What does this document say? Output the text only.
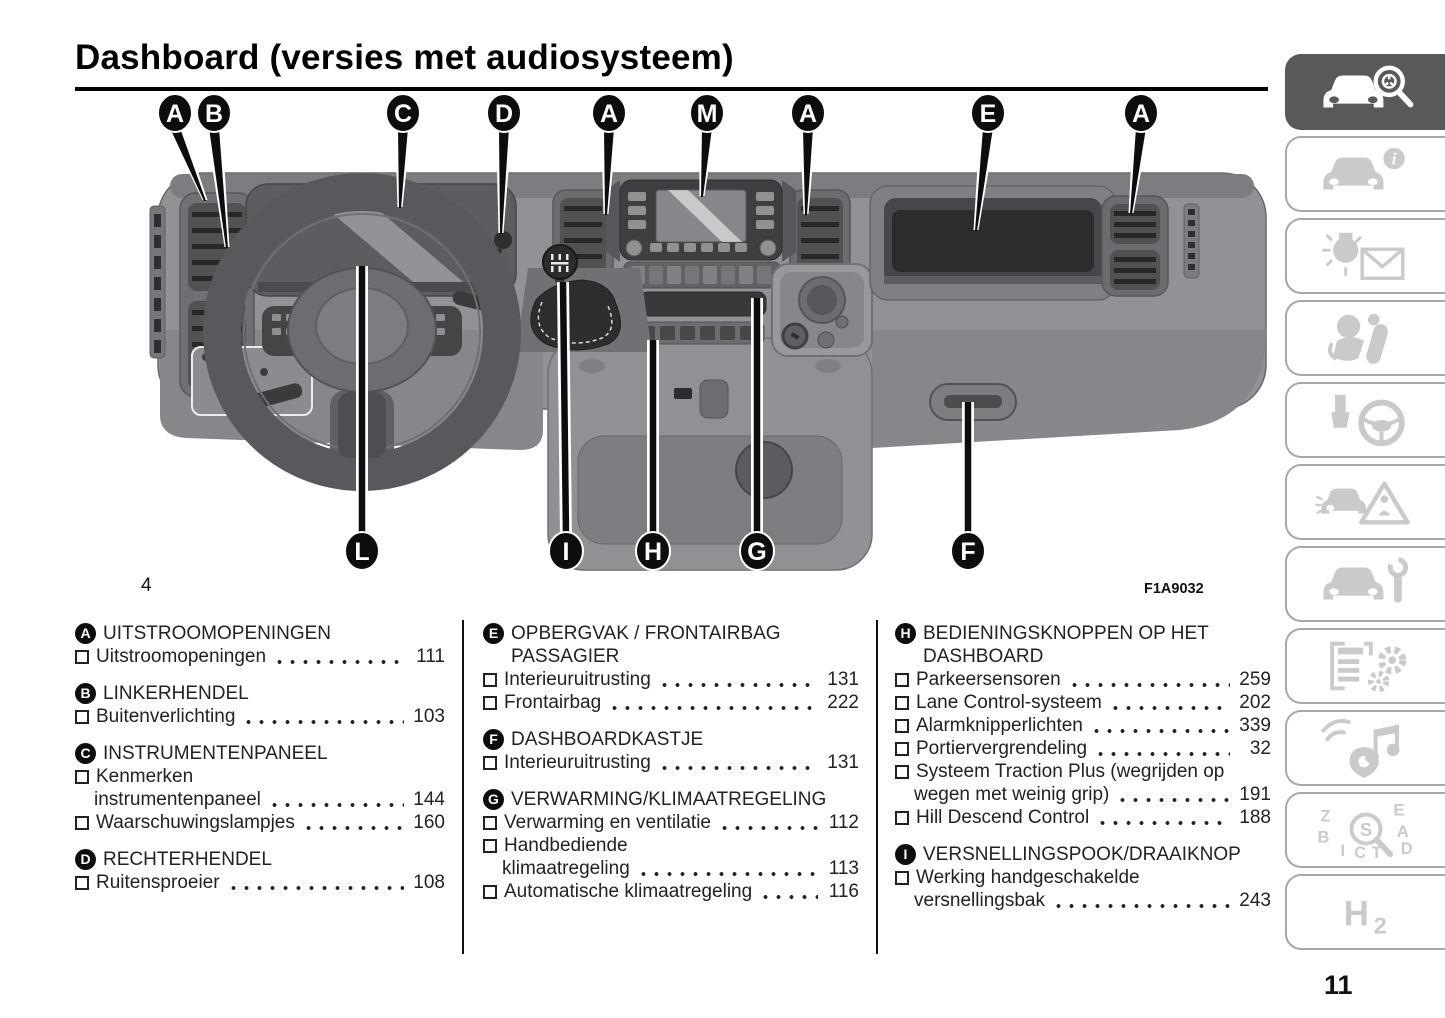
Dashboard (versies met audiosysteem)
A B	C	D	A	M	A	E	A
L	I	H	G	F
4	F1A9032
A UITSTROOMOPENINGEN
Uitstroomopeningen	111
B LINKERHENDEL
Buitenverlichting	103
C INSTRUMENTENPANEEL
Kenmerken
instrumentenpaneel	144
Waarschuwingslampjes	160
D RECHTERHENDEL
Ruitensproeier	108
E OPBERGVAK / FRONTAIRBAG
PASSAGIER
Interieuruitrusting	131
Frontairbag	222
F DASHBOARDKASTJE
Interieuruitrusting	131
G VERWARMING/KLIMAATREGELING
Verwarming en ventilatie	112
Handbediende
klimaatregeling	113
Automatische klimaatregeling	116
H BEDIENINGSKNOPPEN OP HET
DASHBOARD
Parkeersensoren	259
Lane Control-systeem	202
Alarmknipperlichten	339
Portiervergrendeling	32
Systeem Traction Plus (wegrijden op
wegen met weinig grip)	191
Hill Descend Control	188
I VERSNELLINGSPOOK/DRAAIKNOP
Werking handgeschakelde
versnellingsbak	243
i
Z	E
B	A
I C T D
S
H 2
11
